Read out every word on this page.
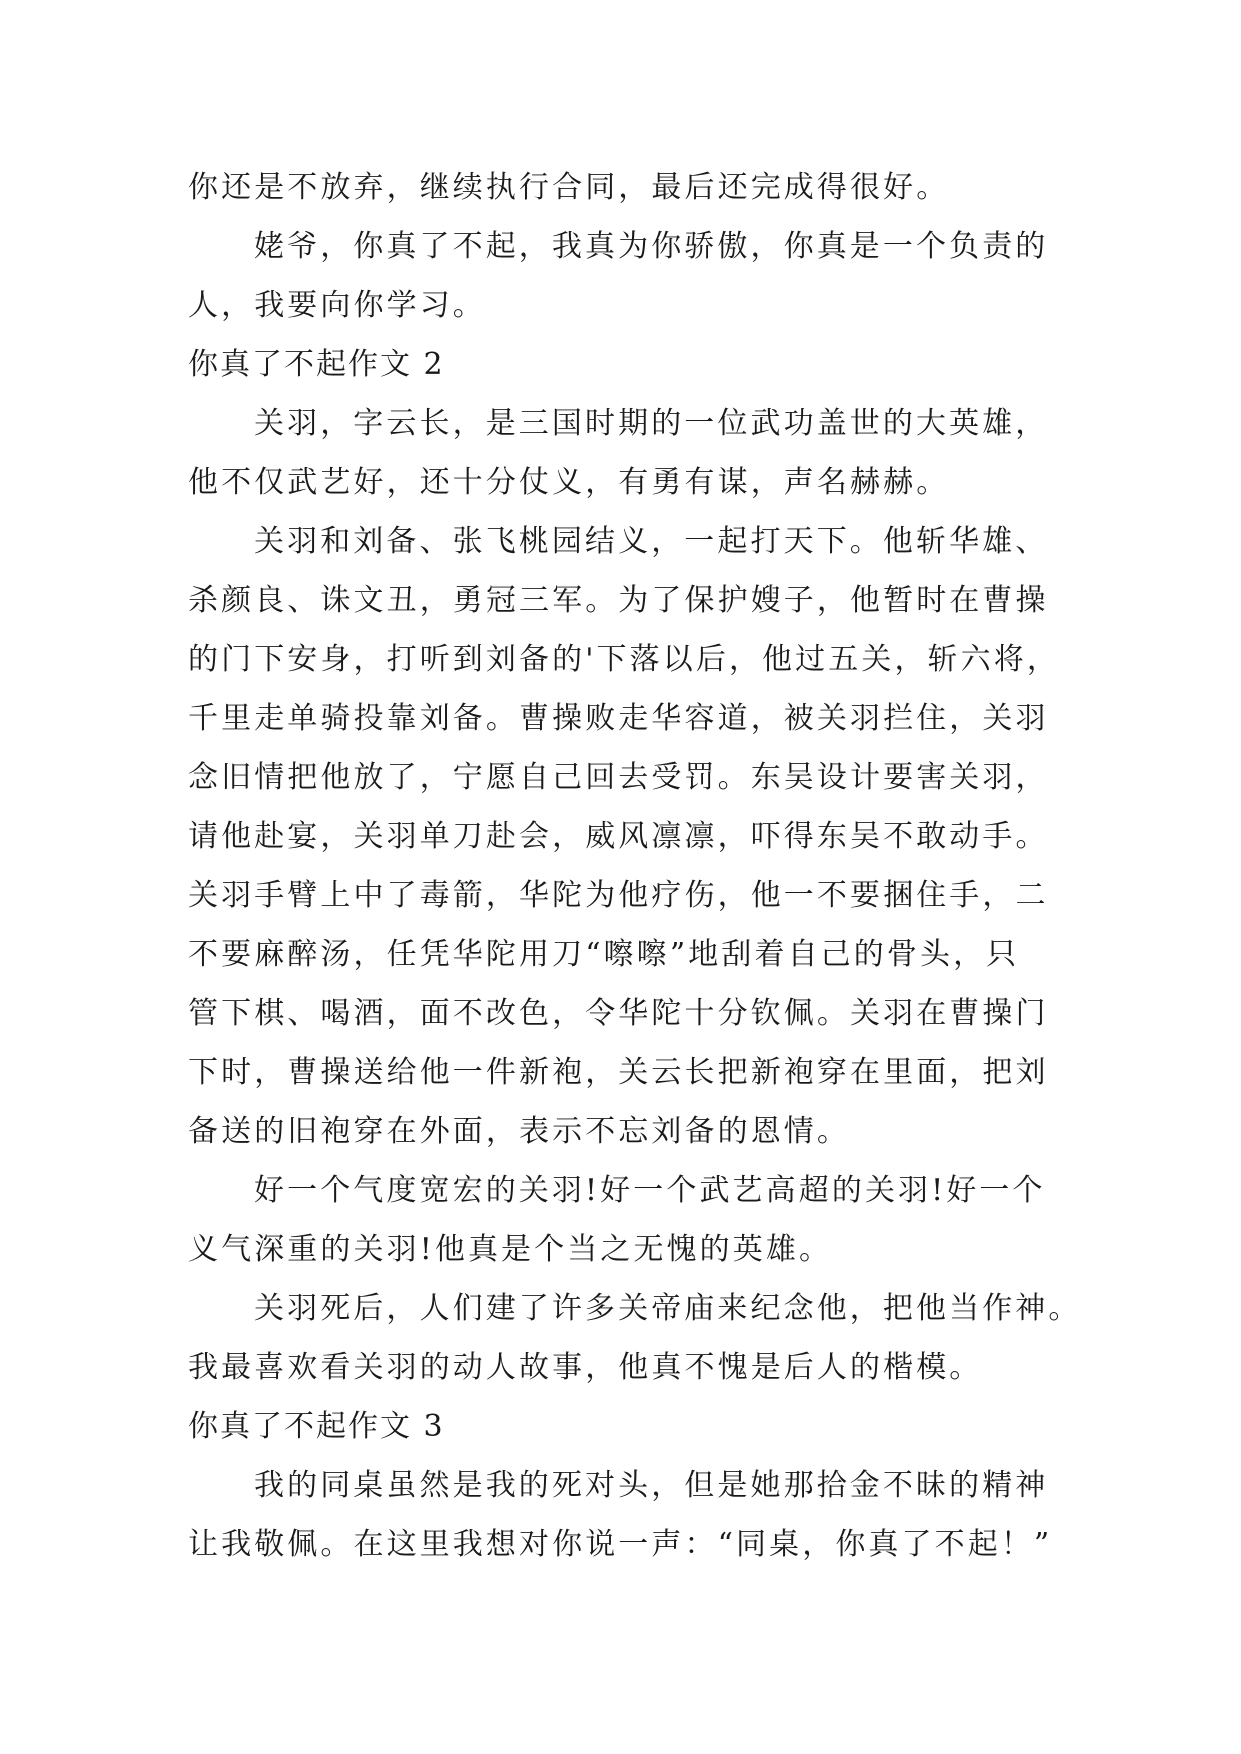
你还是不放弃，继续执行合同，最后还完成得很好。
姥爷，你真了不起，我真为你骄傲，你真是一个负责的
人，我要向你学习。
你真了不起作文 2
关羽，字云长，是三国时期的一位武功盖世的大英雄，
他不仅武艺好，还十分仗义，有勇有谋，声名赫赫。
关羽和刘备、张飞桃园结义，一起打天下。他斩华雄、
杀颜良、诛文丑，勇冠三军。为了保护嫂子，他暂时在曹操
的门下安身，打听到刘备的'下落以后，他过五关，斩六将，
千里走单骑投靠刘备。曹操败走华容道，被关羽拦住，关羽
念旧情把他放了，宁愿自己回去受罚。东吴设计要害关羽，
请他赴宴，关羽单刀赴会，威风凛凛，吓得东吴不敢动手。
关羽手臂上中了毒箭，华陀为他疗伤，他一不要捆住手，二
不要麻醉汤，任凭华陀用刀“嚓嚓”地刮着自己的骨头，只
管下棋、喝酒，面不改色，令华陀十分钦佩。关羽在曹操门
下时，曹操送给他一件新袍，关云长把新袍穿在里面，把刘
备送的旧袍穿在外面，表示不忘刘备的恩情。
好一个气度宽宏的关羽!好一个武艺高超的关羽!好一个
义气深重的关羽!他真是个当之无愧的英雄。
关羽死后，人们建了许多关帝庙来纪念他，把他当作神。
我最喜欢看关羽的动人故事，他真不愧是后人的楷模。
你真了不起作文 3
我的同桌虽然是我的死对头，但是她那拾金不昧的精神
让我敬佩。在这里我想对你说一声：“同桌，你真了不起！”
